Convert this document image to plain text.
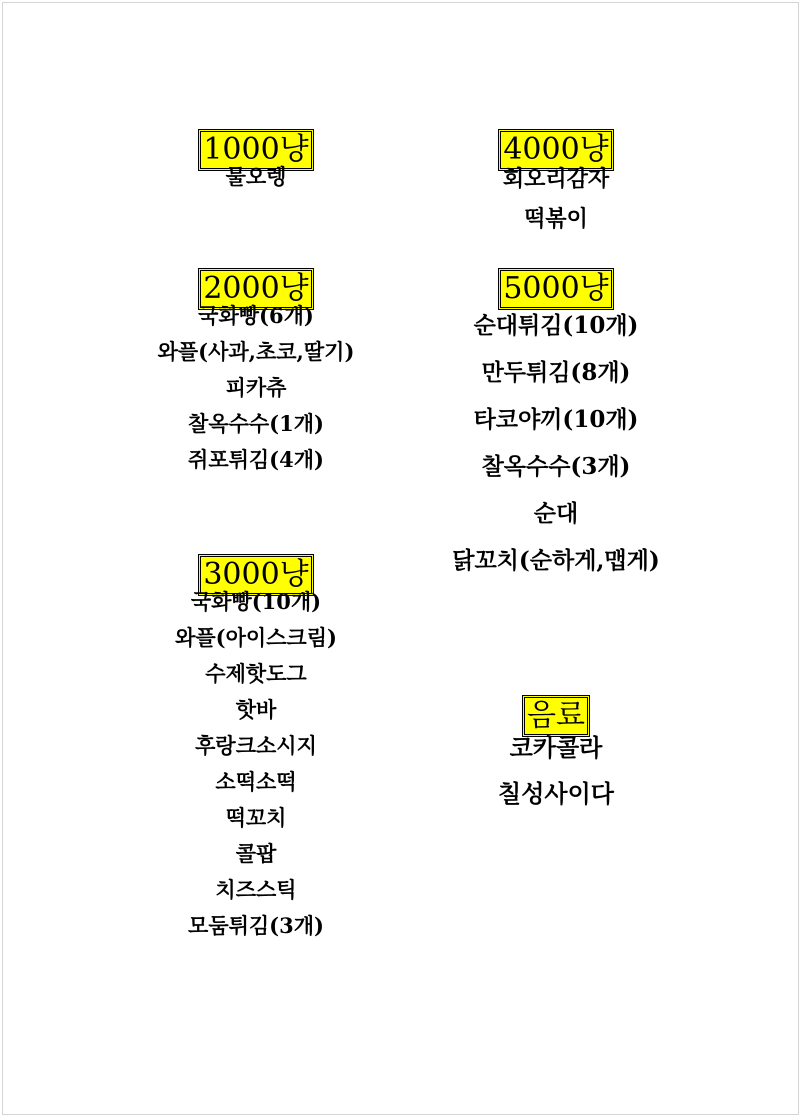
1000냥
물오렝
2000냥
국화빵(6개)
와플(사과,초코,딸기)
피카츄
찰옥수수(1개)
쥐포튀김(4개)
3000냥
국화빵(10개)
와플(아이스크림)
수제핫도그
핫바
후랑크소시지
소떡소떡
떡꼬치
콜팝
치즈스틱
모둠튀김(3개)
4000냥
회오리감자
떡볶이
5000냥
순대튀김(10개)
만두튀김(8개)
타코야끼(10개)
찰옥수수(3개)
순대
닭꼬치(순하게,맵게)
음료
코카콜라
칠성사이다
